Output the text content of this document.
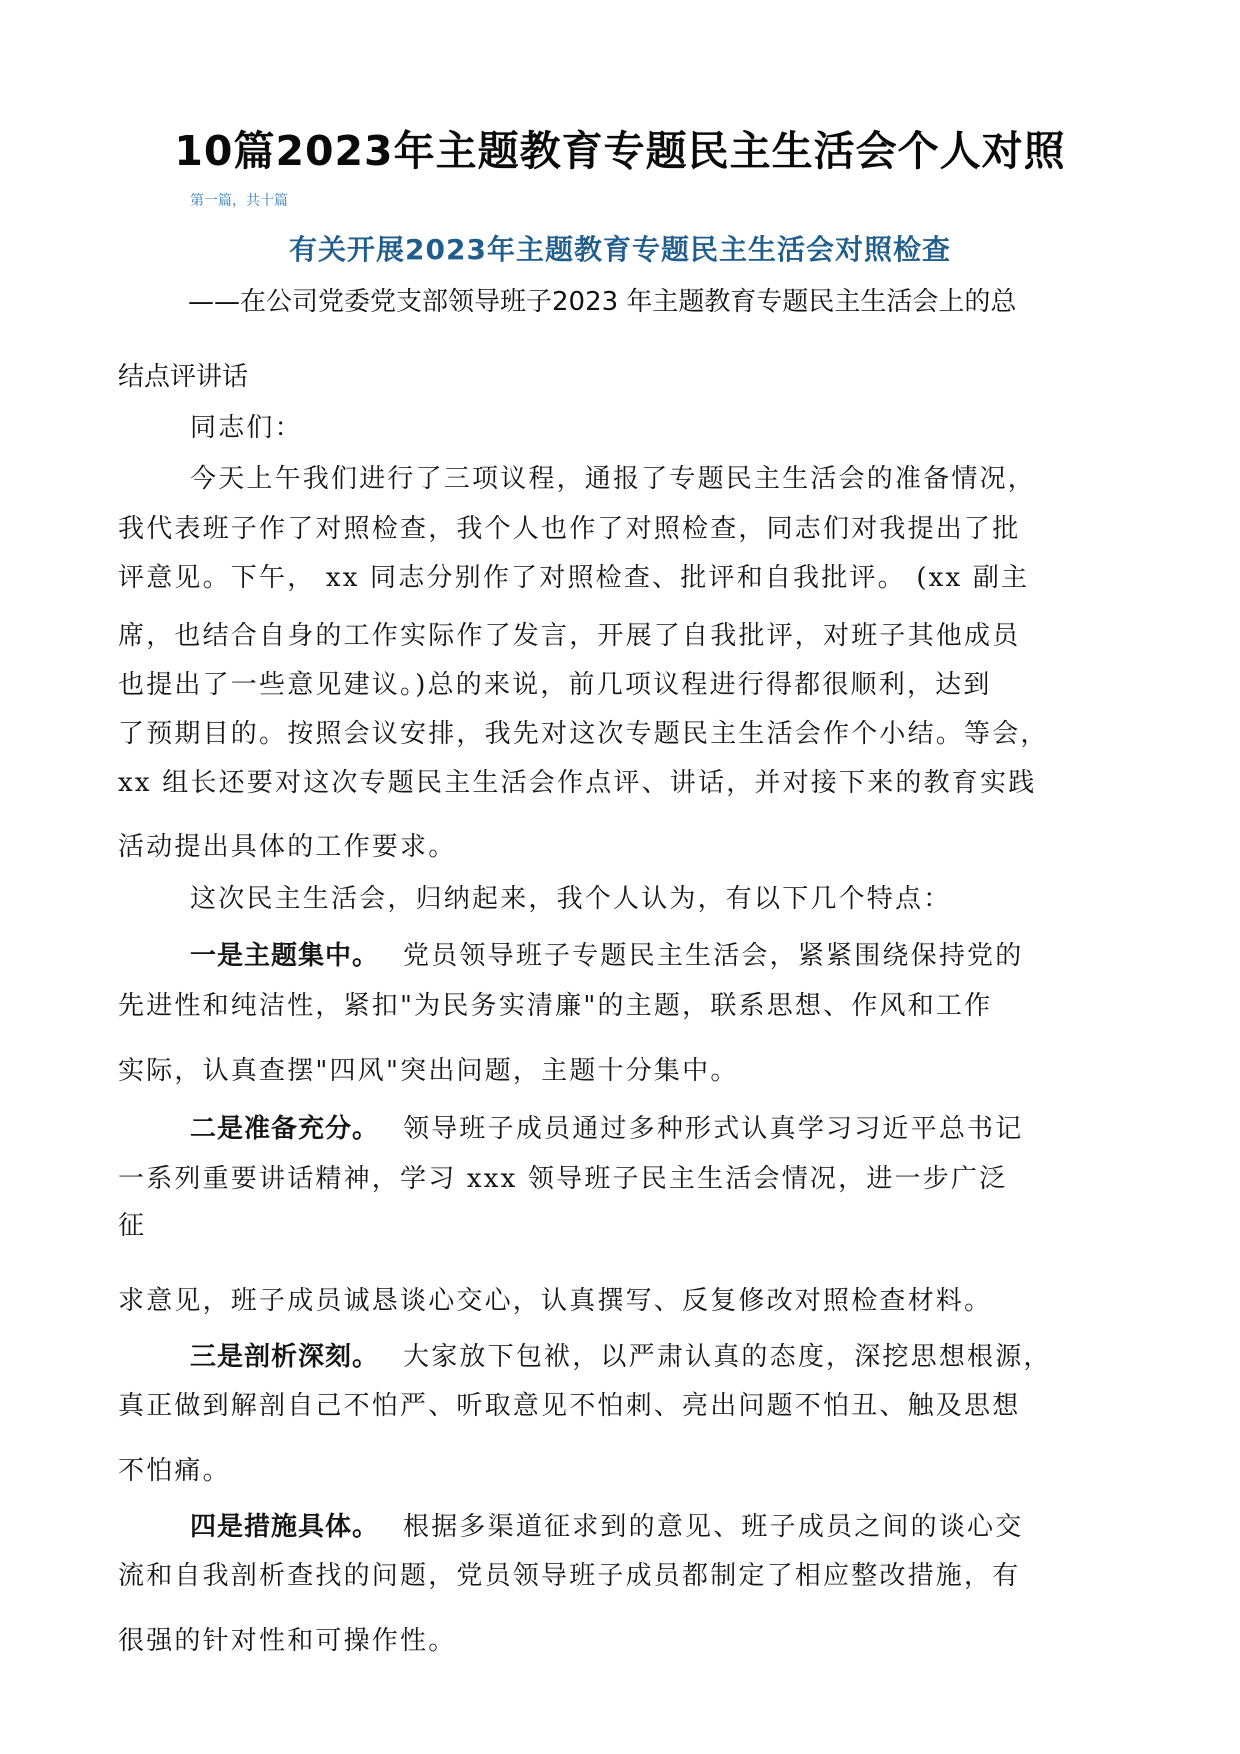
10篇2023年主题教育专题民主生活会个人对照
第一篇，共十篇
有关开展2023年主题教育专题民主生活会对照检查
——在公司党委党支部领导班子2023 年主题教育专题民主生活会上的总
结点评讲话
同志们：
今天上午我们进行了三项议程，通报了专题民主生活会的准备情况，
我代表班子作了对照检查，我个人也作了对照检查，同志们对我提出了批
评意见。下午， xx 同志分别作了对照检查、批评和自我批评。 (xx 副主
席，也结合自身的工作实际作了发言，开展了自我批评，对班子其他成员
也提出了一些意见建议。)总的来说，前几项议程进行得都很顺利，达到
了预期目的。按照会议安排，我先对这次专题民主生活会作个小结。等会，
xx 组长还要对这次专题民主生活会作点评、讲话，并对接下来的教育实践
活动提出具体的工作要求。
这次民主生活会，归纳起来，我个人认为，有以下几个特点：
一是主题集中。 党员领导班子专题民主生活会，紧紧围绕保持党的
先进性和纯洁性，紧扣"为民务实清廉"的主题，联系思想、作风和工作
实际，认真查摆"四风"突出问题，主题十分集中。
二是准备充分。 领导班子成员通过多种形式认真学习习近平总书记
一系列重要讲话精神，学习 xxx 领导班子民主生活会情况，进一步广泛
征
求意见，班子成员诚恳谈心交心，认真撰写、反复修改对照检查材料。
三是剖析深刻。 大家放下包袱，以严肃认真的态度，深挖思想根源，
真正做到解剖自己不怕严、听取意见不怕刺、亮出问题不怕丑、触及思想
不怕痛。
四是措施具体。 根据多渠道征求到的意见、班子成员之间的谈心交
流和自我剖析查找的问题，党员领导班子成员都制定了相应整改措施，有
很强的针对性和可操作性。
